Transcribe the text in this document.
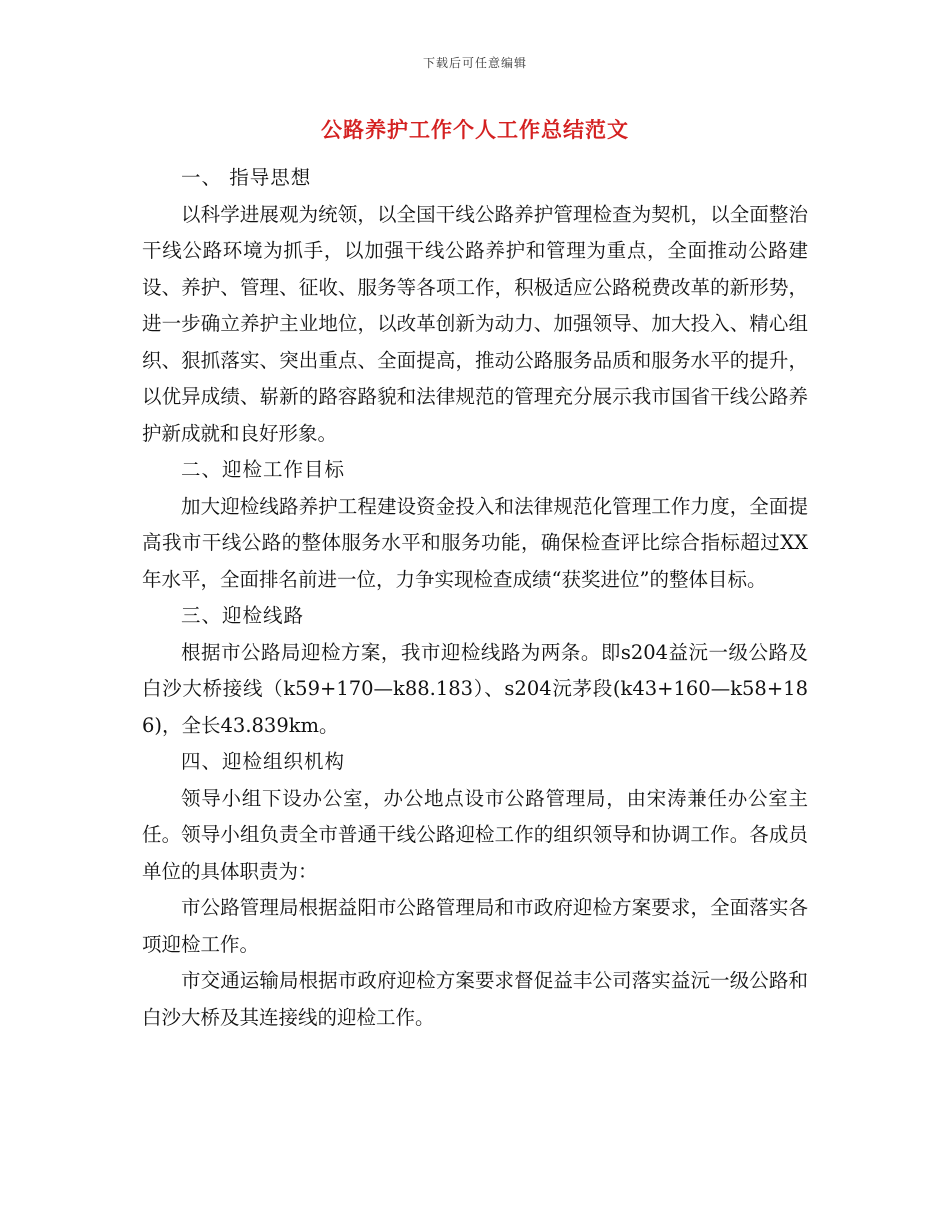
下载后可任意编辑
公路养护工作个人工作总结范文

一、 指导思想

以科学进展观为统领，以全国干线公路养护管理检查为契机，以全面整治干线公路环境为抓手，以加强干线公路养护和管理为重点，全面推动公路建设、养护、管理、征收、服务等各项工作，积极适应公路税费改革的新形势，进一步确立养护主业地位，以改革创新为动力、加强领导、加大投入、精心组织、狠抓落实、突出重点、全面提高，推动公路服务品质和服务水平的提升，以优异成绩、崭新的路容路貌和法律规范的管理充分展示我市国省干线公路养护新成就和良好形象。

二、迎检工作目标

加大迎检线路养护工程建设资金投入和法律规范化管理工作力度，全面提高我市干线公路的整体服务水平和服务功能，确保检查评比综合指标超过XX年水平，全面排名前进一位，力争实现检查成绩“获奖进位”的整体目标。

三、迎检线路

根据市公路局迎检方案，我市迎检线路为两条。即s204益沅一级公路及白沙大桥接线（k59+170—k88.183）、s204沅茅段(k43+160—k58+186)，全长43.839km。

四、迎检组织机构

领导小组下设办公室，办公地点设市公路管理局，由宋涛兼任办公室主任。领导小组负责全市普通干线公路迎检工作的组织领导和协调工作。各成员单位的具体职责为：

市公路管理局根据益阳市公路管理局和市政府迎检方案要求，全面落实各项迎检工作。

市交通运输局根据市政府迎检方案要求督促益丰公司落实益沅一级公路和白沙大桥及其连接线的迎检工作。
